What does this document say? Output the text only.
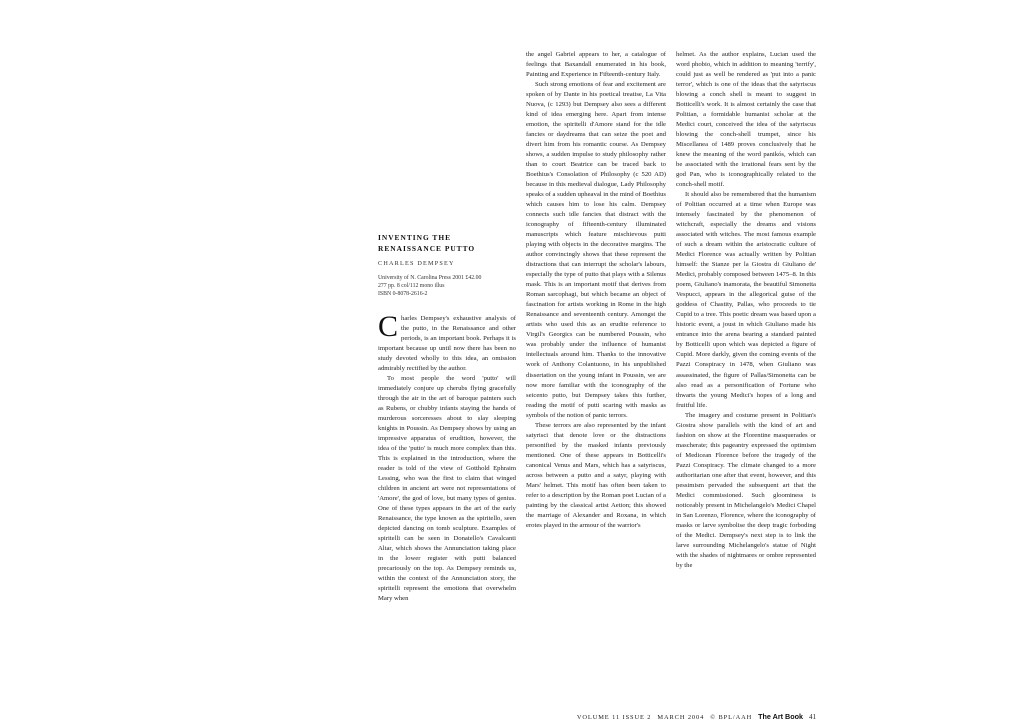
INVENTING THE RENAISSANCE PUTTO
CHARLES DEMPSEY
University of N. Carolina Press 2001 £42.00
277 pp. 8 col/112 mono illus
ISBN 0-8078-2616-2

Charles Dempsey's exhaustive analysis of the putto, in the Renaissance and other periods, is an important book. Perhaps it is important because up until now there has been no study devoted wholly to this idea, an omission admirably rectified by the author.

To most people the word 'putto' will immediately conjure up cherubs flying gracefully through the air in the art of baroque painters such as Rubens, or chubby infants staying the hands of murderous sorceresses about to slay sleeping knights in Poussin. As Dempsey shows by using an impressive apparatus of erudition, however, the idea of the 'putto' is much more complex than this. This is explained in the introduction, where the reader is told of the view of Gotthold Ephraim Lessing, who was the first to claim that winged children in ancient art were not representations of 'Amore', the god of love, but many types of genius. One of these types appears in the art of the early Renaissance, the type known as the spiritello, seen depicted dancing on tomb sculpture. Examples of spiritelli can be seen in Donatello's Cavalcanti Altar, which shows the Annunciation taking place in the lower register with putti balanced precariously on the top. As Dempsey reminds us, within the context of the Annunciation story, the spiritelli represent the emotions that overwhelm Mary when

the angel Gabriel appears to her, a catalogue of feelings that Baxandall enumerated in his book, Painting and Experience in Fifteenth-century Italy.

Such strong emotions of fear and excitement are spoken of by Dante in his poetical treatise, La Vita Nuova, (c 1293) but Dempsey also sees a different kind of idea emerging here. Apart from intense emotion, the spiritelli d'Amore stand for the idle fancies or daydreams that can seize the poet and divert him from his romantic course. As Dempsey shows, a sudden impulse to study philosophy rather than to court Beatrice can be traced back to Boethius's Consolation of Philosophy (c 520 AD) because in this medieval dialogue, Lady Philosophy speaks of a sudden upheaval in the mind of Boethius which causes him to lose his calm. Dempsey connects such idle fancies that distract with the iconography of fifteenth-century illuminated manuscripts which feature mischievous putti playing with objects in the decorative margins. The author convincingly shows that these represent the distractions that can interrupt the scholar's labours, especially the type of putto that plays with a Silenus mask. This is an important motif that derives from Roman sarcophagi, but which became an object of fascination for artists working in Rome in the high Renaissance and seventeenth century. Amongst the artists who used this as an erudite reference to Virgil's Georgics can be numbered Poussin, who was probably under the influence of humanist intellectuals around him. Thanks to the innovative work of Anthony Colantuono, in his unpublished dissertation on the young infant in Poussin, we are now more familiar with the iconography of the seicento putto, but Dempsey takes this further, reading the motif of putti scaring with masks as symbols of the notion of panic terrors.

These terrors are also represented by the infant satyrisci that denote love or the distractions personified by the masked infants previously mentioned. One of these appears in Botticelli's canonical Venus and Mars, which has a satyriscus, across between a putto and a satyr, playing with Mars' helmet. This motif has often been taken to refer to a description by the Roman poet Lucian of a painting by the classical artist Aetion; this showed the marriage of Alexander and Roxana, in which erotes played in the armour of the warrior's

helmet. As the author explains, Lucian used the word phobio, which in addition to meaning 'terrify', could just as well be rendered as 'put into a panic terror', which is one of the ideas that the satyriscus blowing a conch shell is meant to suggest in Botticelli's work. It is almost certainly the case that Politian, a formidable humanist scholar at the Medici court, conceived the idea of the satyriscus blowing the conch-shell trumpet, since his Miscellanea of 1489 proves conclusively that he knew the meaning of the word panikós, which can be associated with the irrational fears sent by the god Pan, who is iconographically related to the conch-shell motif.

It should also be remembered that the humanism of Politian occurred at a time when Europe was intensely fascinated by the phenomenon of witchcraft, especially the dreams and visions associated with witches. The most famous example of such a dream within the aristocratic culture of Medici Florence was actually written by Politian himself: the Stanze per la Giostra di Giuliano de' Medici, probably composed between 1475–8. In this poem, Giuliano's inamorata, the beautiful Simonetta Vespucci, appears in the allegorical guise of the goddess of Chastity, Pallas, who proceeds to tie Cupid to a tree. This poetic dream was based upon a historic event, a joust in which Giuliano made his entrance into the arena bearing a standard painted by Botticelli upon which was depicted a figure of Cupid. More darkly, given the coming events of the Pazzi Conspiracy in 1478, when Giuliano was assassinated, the figure of Pallas/Simonetta can be also read as a personification of Fortune who thwarts the young Medici's hopes of a long and fruitful life.

The imagery and costume present in Politian's Giostra show parallels with the kind of art and fashion on show at the Florentine masquerades or mascherate; this pageantry expressed the optimism of Medicean Florence before the tragedy of the Pazzi Conspiracy. The climate changed to a more authoritarian one after that event, however, and this pessimism pervaded the subsequent art that the Medici commissioned. Such gloominess is noticeably present in Michelangelo's Medici Chapel in San Lorenzo, Florence, where the iconography of masks or larve symbolise the deep tragic forboding of the Medici. Dempsey's next step is to link the larve surrounding Michelangelo's statue of Night with the shades of nightmares or ombre represented by the

VOLUME 11 ISSUE 2 MARCH 2004 © BPL/AAH The Art Book 41
